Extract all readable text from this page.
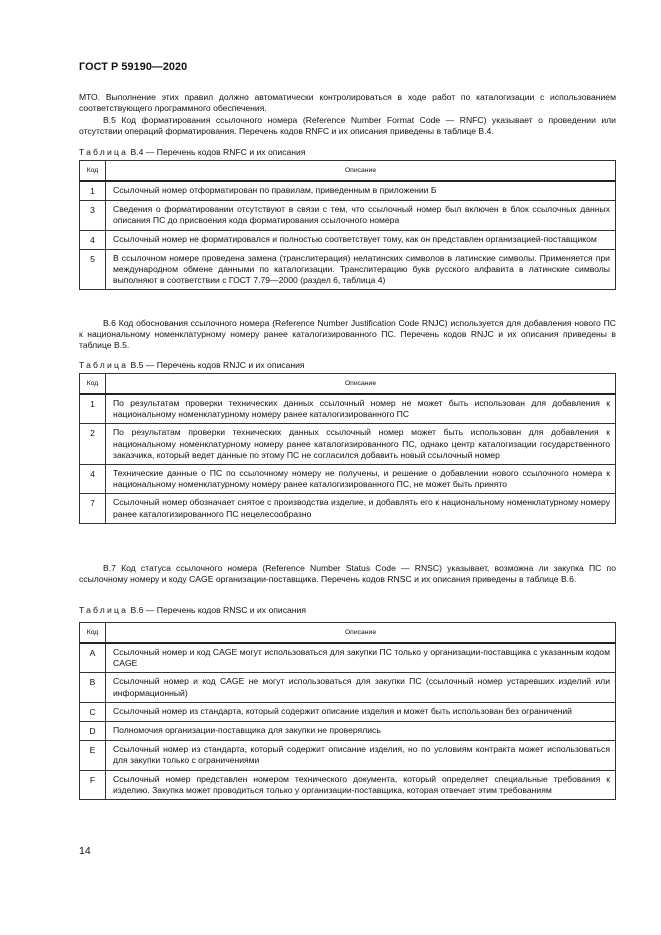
ГОСТ Р 59190—2020
МТО. Выполнение этих правил должно автоматически контролироваться в ходе работ по каталогизации с использованием соответствующего программного обеспечения.
В.5 Код форматирования ссылочного номера (Reference Number Format Code — RNFC) указывает о проведении или отсутствии операций форматирования. Перечень кодов RNFC и их описания приведены в таблице В.4.
Таблица В.4 — Перечень кодов RNFC и их описания
Код	Описание
1	Ссылочный номер отформатирован по правилам, приведенным в приложении Б
3	Сведения о форматировании отсутствуют в связи с тем, что ссылочный номер был включен в блок ссылочных данных описания ПС до присвоения кода форматирования ссылочного номера
4	Ссылочный номер не форматировался и полностью соответствует тому, как он представлен организацией-поставщиком
5	В ссылочном номере проведена замена (транслитерация) нелатинских символов в латинские символы. Применяется при международном обмене данными по каталогизации. Транслитерацию букв русского алфавита в латинские символы выполняют в соответствии с ГОСТ 7.79—2000 (раздел 6, таблица 4)
В.6 Код обоснования ссылочного номера (Reference Number Justification Code RNJC) используется для добавления нового ПС к национальному номенклатурному номеру ранее каталогизированного ПС. Перечень кодов RNJC и их описания приведены в таблице В.5.
Таблица В.5 — Перечень кодов RNJC и их описания
Код	Описание
1	По результатам проверки технических данных ссылочный номер не может быть использован для добавления к национальному номенклатурному номеру ранее каталогизированного ПС
2	По результатам проверки технических данных ссылочный номер может быть использован для добавления к национальному номенклатурному номеру ранее каталогизированного ПС, однако центр каталогизации государственного заказчика, который ведет данные по этому ПС не согласился добавить новый ссылочный номер
4	Технические данные о ПС по ссылочному номеру не получены, и решение о добавлении нового ссылочного номера к национальному номенклатурному номеру ранее каталогизированного ПС, не может быть принято
7	Ссылочный номер обозначает снятое с производства изделие, и добавлять его к национальному номенклатурному номеру ранее каталогизированного ПС нецелесообразно
В.7 Код статуса ссылочного номера (Reference Number Status Code — RNSC) указывает, возможна ли закупка ПС по ссылочному номеру и коду CAGE организации-поставщика. Перечень кодов RNSC и их описания приведены в таблице В.6.
Таблица В.6 — Перечень кодов RNSC и их описания
Код	Описание
A	Ссылочный номер и код CAGE могут использоваться для закупки ПС только у организации-поставщика с указанным кодом CAGE
B	Ссылочный номер и код CAGE не могут использоваться для закупки ПС (ссылочный номер устаревших изделий или информационный)
C	Ссылочный номер из стандарта, который содержит описание изделия и может быть использован без ограничений
D	Полномочия организации-поставщика для закупки не проверялись
E	Ссылочный номер из стандарта, который содержит описание изделия, но по условиям контракта может использоваться для закупки только с ограничениями
F	Ссылочный номер представлен номером технического документа, который определяет специальные требования к изделию. Закупка может проводиться только у организации-поставщика, которая отвечает этим требованиям
14
